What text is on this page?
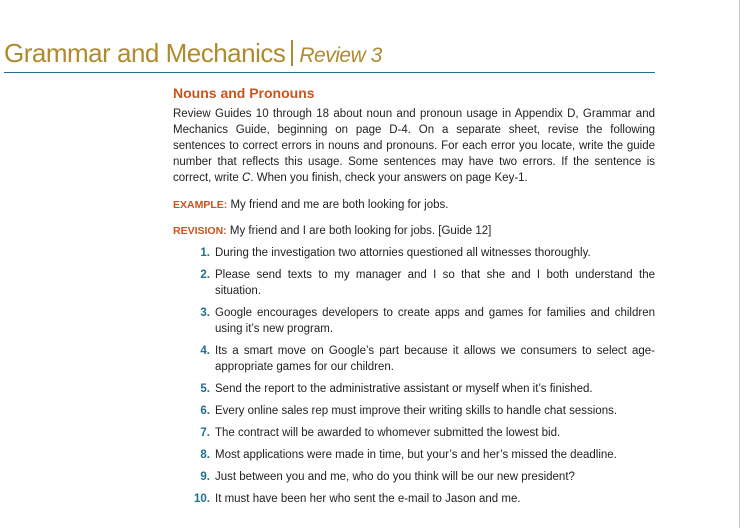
Grammar and Mechanics Review 3
Nouns and Pronouns

Review Guides 10 through 18 about noun and pronoun usage in Appendix D, Grammar and Mechanics Guide, beginning on page D-4. On a separate sheet, revise the following sentences to correct errors in nouns and pronouns. For each error you locate, write the guide number that reflects this usage. Some sentences may have two errors. If the sentence is correct, write C. When you finish, check your answers on page Key-1.

EXAMPLE: My friend and me are both looking for jobs.
REVISION: My friend and I are both looking for jobs. [Guide 12]
1. During the investigation two attornies questioned all witnesses thoroughly.
2. Please send texts to my manager and I so that she and I both understand the situation.
3. Google encourages developers to create apps and games for families and children using it’s new program.
4. Its a smart move on Google’s part because it allows we consumers to select age-appropriate games for our children.
5. Send the report to the administrative assistant or myself when it’s finished.
6. Every online sales rep must improve their writing skills to handle chat sessions.
7. The contract will be awarded to whomever submitted the lowest bid.
8. Most applications were made in time, but your’s and her’s missed the deadline.
9. Just between you and me, who do you think will be our new president?
10. It must have been her who sent the e-mail to Jason and me.
